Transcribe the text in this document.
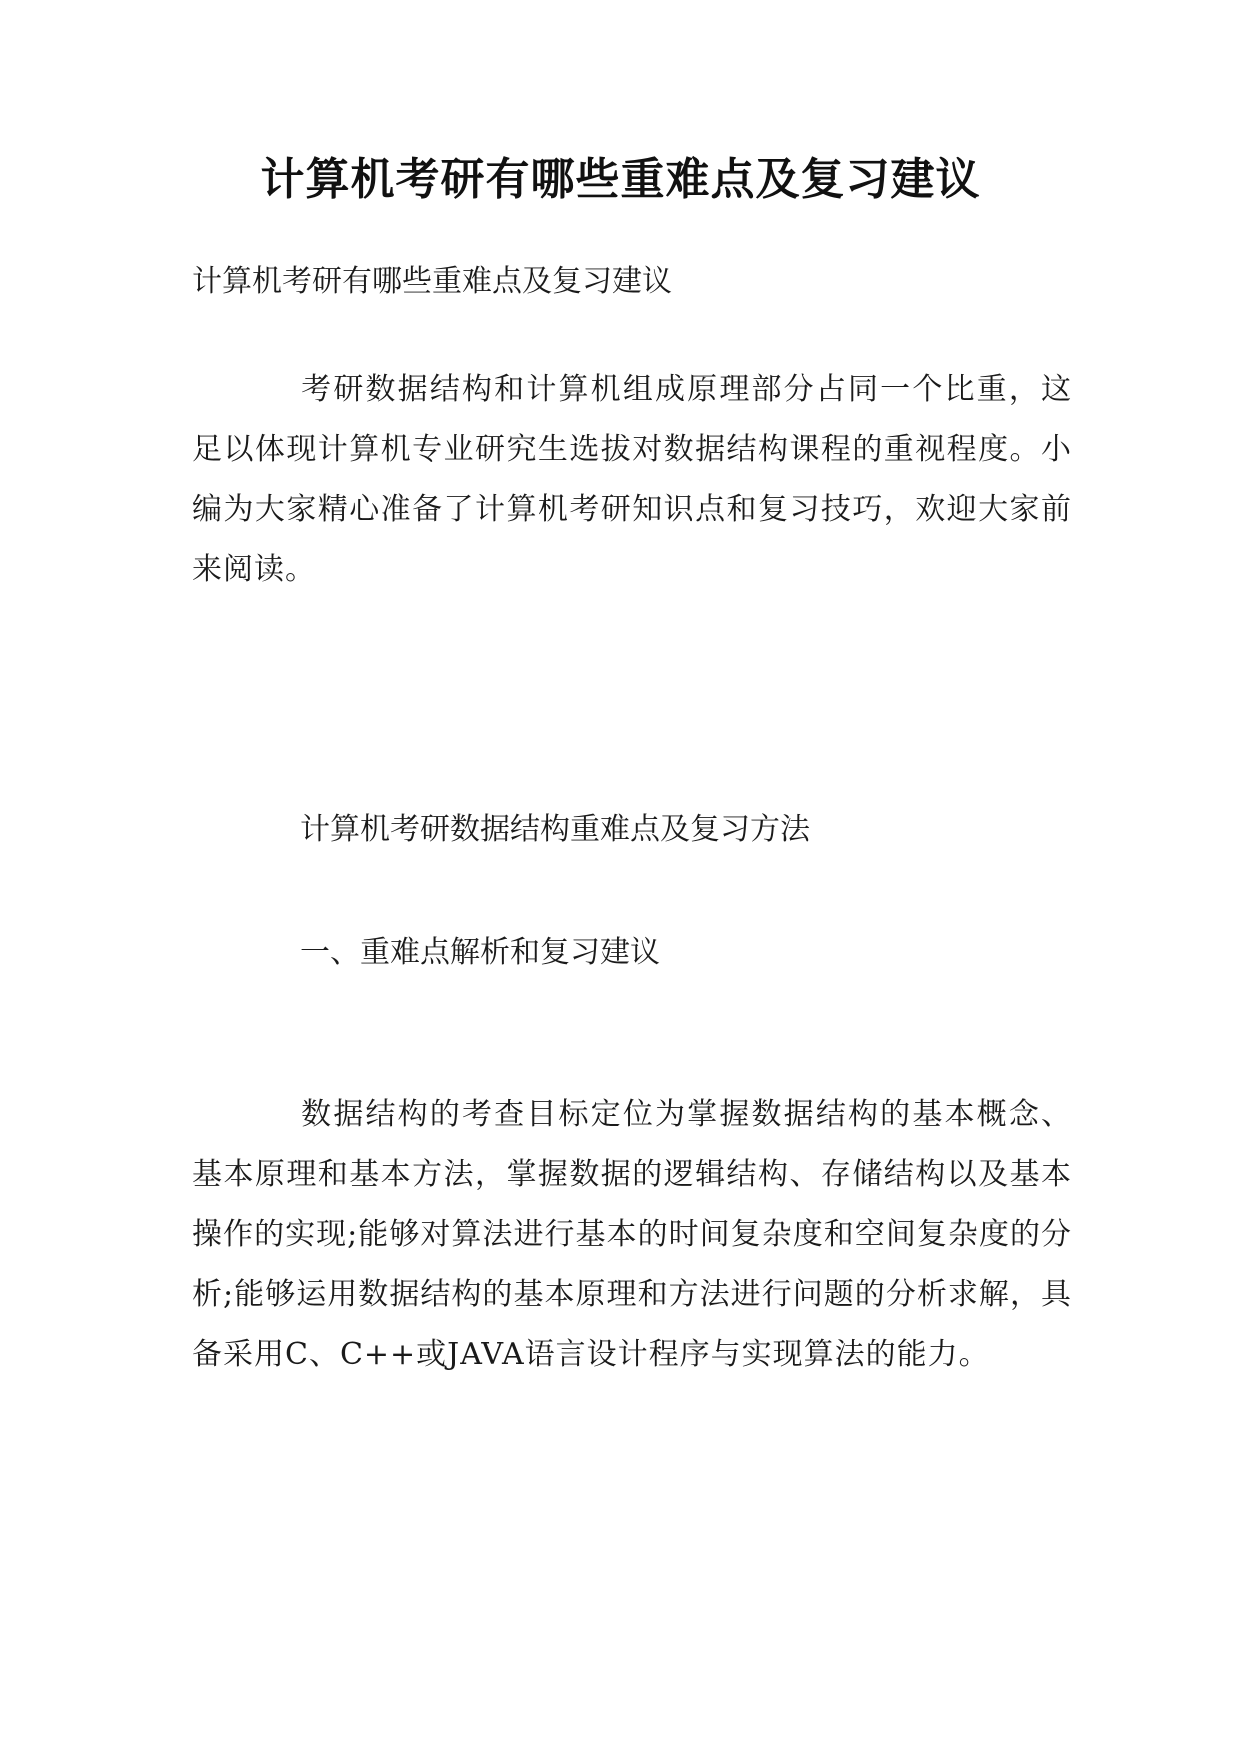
计算机考研有哪些重难点及复习建议
计算机考研有哪些重难点及复习建议

考研数据结构和计算机组成原理部分占同一个比重，这足以体现计算机专业研究生选拔对数据结构课程的重视程度。小编为大家精心准备了计算机考研知识点和复习技巧，欢迎大家前来阅读。

计算机考研数据结构重难点及复习方法
一、重难点解析和复习建议

数据结构的考查目标定位为掌握数据结构的基本概念、基本原理和基本方法，掌握数据的逻辑结构、存储结构以及基本操作的实现;能够对算法进行基本的时间复杂度和空间复杂度的分析;能够运用数据结构的基本原理和方法进行问题的分析求解，具备采用C、C++或JAVA语言设计程序与实现算法的能力。
